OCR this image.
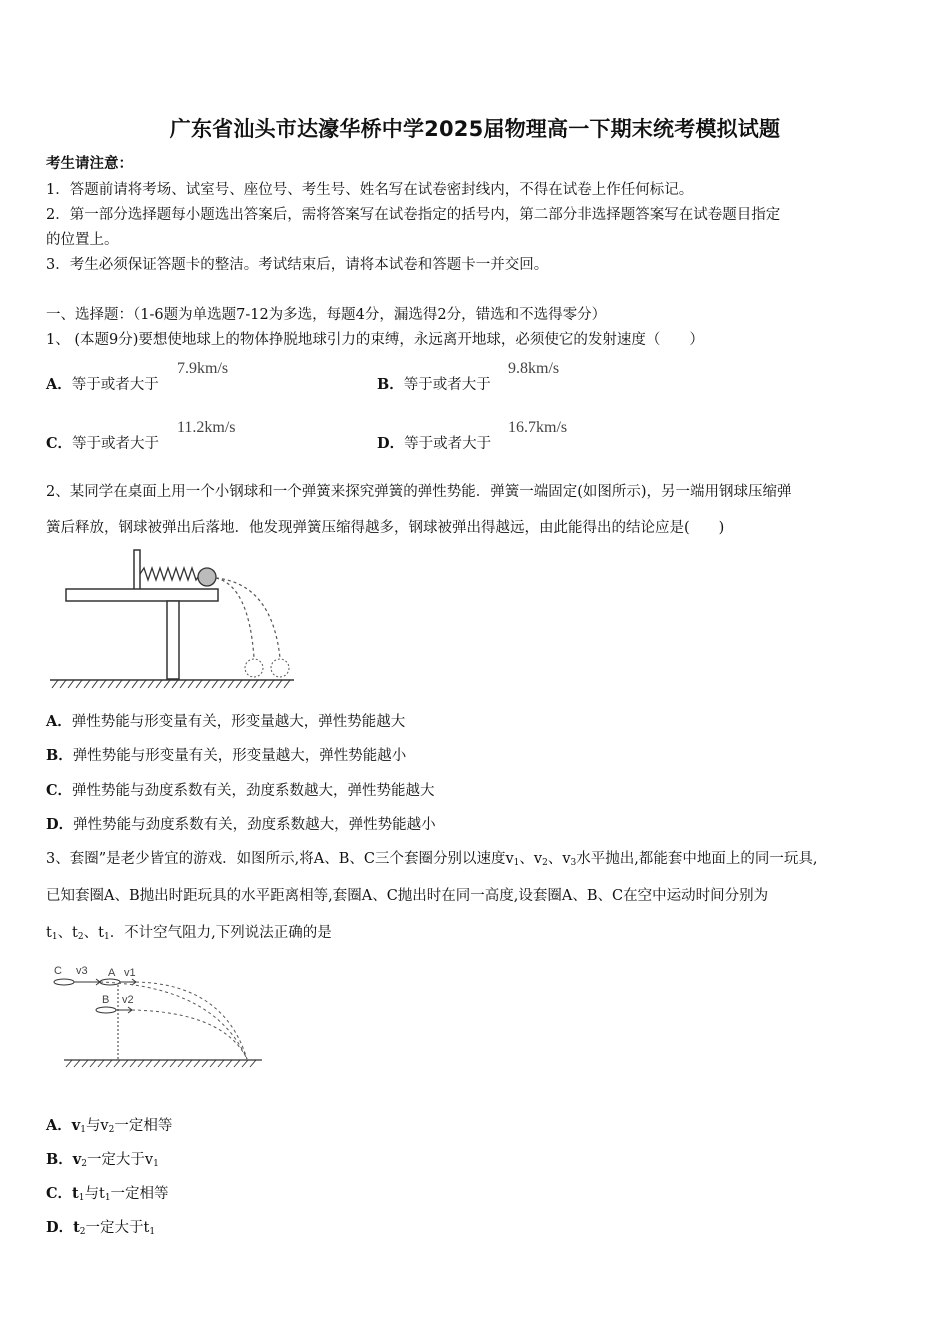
广东省汕头市达濠华桥中学2025届物理高一下期末统考模拟试题
考生请注意：
1．答题前请将考场、试室号、座位号、考生号、姓名写在试卷密封线内，不得在试卷上作任何标记。
2．第一部分选择题每小题选出答案后，需将答案写在试卷指定的括号内，第二部分非选择题答案写在试卷题目指定
的位置上。
3．考生必须保证答题卡的整洁。考试结束后，请将本试卷和答题卡一并交回。
一、选择题：（1-6题为单选题7-12为多选，每题4分，漏选得2分，错选和不选得零分）
1、 (本题9分)要想使地球上的物体挣脱地球引力的束缚，永远离开地球，必须使它的发射速度（　　）
A．等于或者大于
7.9km/s
B．等于或者大于
9.8km/s
C．等于或者大于
11.2km/s
D．等于或者大于
16.7km/s
2、某同学在桌面上用一个小钢球和一个弹簧来探究弹簧的弹性势能．弹簧一端固定(如图所示)，另一端用钢球压缩弹
簧后释放，钢球被弹出后落地．他发现弹簧压缩得越多，钢球被弹出得越远，由此能得出的结论应是(　　)
A．弹性势能与形变量有关，形变量越大，弹性势能越大
B．弹性势能与形变量有关，形变量越大，弹性势能越小
C．弹性势能与劲度系数有关，劲度系数越大，弹性势能越大
D．弹性势能与劲度系数有关，劲度系数越大，弹性势能越小
3、套圈”是老少皆宜的游戏．如图所示,将A、B、C三个套圈分别以速度$v_1$、$v_2$、$v_3$水平抛出,都能套中地面上的同一玩具,
已知套圈A、B抛出时距玩具的水平距离相等,套圈A、C抛出时在同一高度,设套圈A、B、C在空中运动时间分别为
$t_1$、$t_2$、$t_1$．不计空气阻力,下列说法正确的是
C v3 A v1
B v2
A．$v_1$与$v_2$一定相等
B．$v_2$一定大于$v_1$
C．$t_1$与$t_1$一定相等
D．$t_2$一定大于$t_1$
